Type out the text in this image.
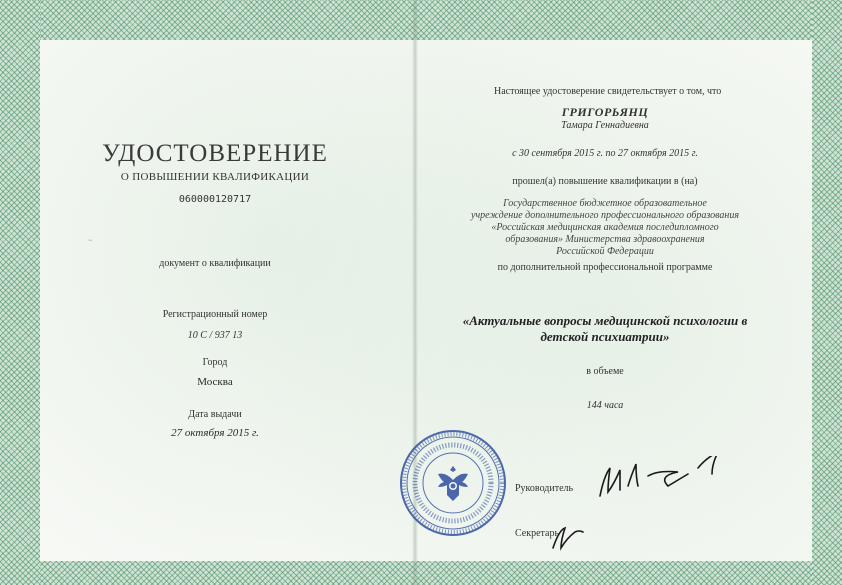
УДОСТОВЕРЕНИЕ
О ПОВЫШЕНИИ КВАЛИФИКАЦИИ
060000120717
~
документ о квалификации
Регистрационный номер
10 С / 937 13
Город
Москва
Дата выдачи
27 октября 2015 г.
Настоящее удостоверение свидетельствует о том, что
ГРИГОРЬЯНЦ
Тамара Геннадиевна
с 30 сентября 2015 г. по 27 октября 2015 г.
прошел(а) повышение квалификации в (на)
Государственное бюджетное образовательное
учреждение дополнительного профессионального образования
«Российская медицинская академия последипломного
образования» Министерства здравоохранения
Российской Федерации
по дополнительной профессиональной программе
«Актуальные вопросы медицинской психологии в
детской психиатрии»
в объеме
144 часа
Руководитель
Секретарь
